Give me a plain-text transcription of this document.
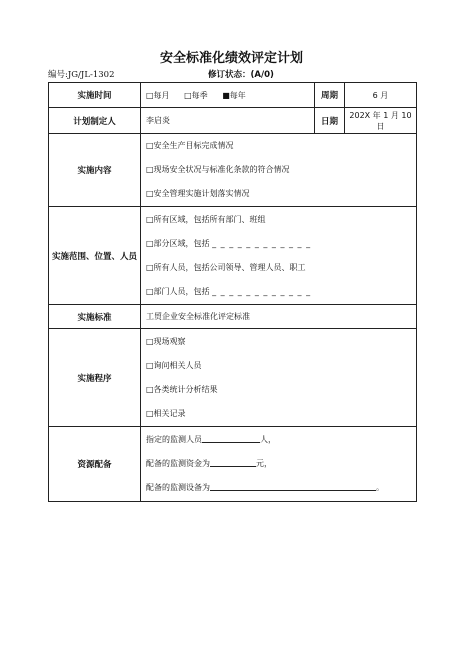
安全标准化绩效评定计划
编号:JG/JL-1302	修订状态：(A/0)
实施时间	□每月 □每季 ■每年	周期	6 月
计划制定人	李启炎	日期	202X 年 1 月 10 日
实施内容	□安全生产目标完成情况
□现场安全状况与标准化条款的符合情况
□安全管理实施计划落实情况		

实施范围、位置、人员	□所有区域，包括所有部门、班组
□部分区域，包括 _ _ _ _ _ _ _ _ _ _ _ _
□所有人员，包括公司领导、管理人员、职工
□部门人员，包括 _ _ _ _ _ _ _ _ _ _ _ _		

实施标准	工贸企业安全标准化评定标准		
实施程序	□现场观察
□询问相关人员
□各类统计分析结果
□相关记录		

资源配备	指定的监测人员 人，
配备的监测资金为 元，
配备的监测设备为 。		
